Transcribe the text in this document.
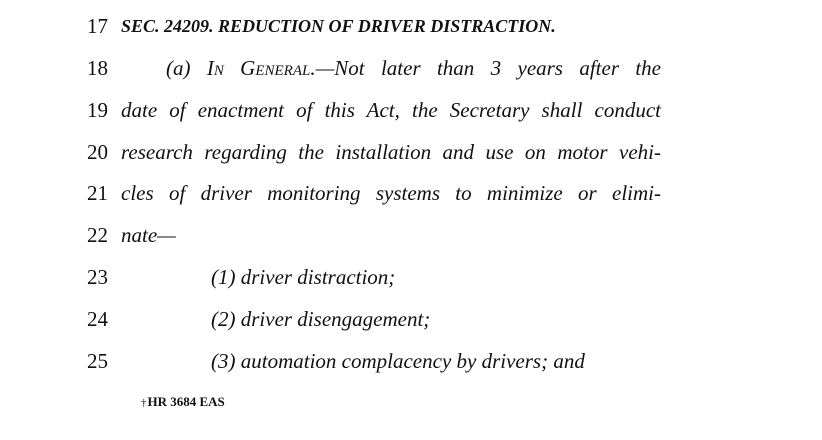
17 SEC. 24209. REDUCTION OF DRIVER DISTRACTION.
18	(a) In General.—Not later than 3 years after the
19 date of enactment of this Act, the Secretary shall conduct
20 research regarding the installation and use on motor vehi-
21 cles of driver monitoring systems to minimize or elimi-
22 nate—
23	(1) driver distraction;
24	(2) driver disengagement;
25	(3) automation complacency by drivers; and
†HR 3684 EAS
